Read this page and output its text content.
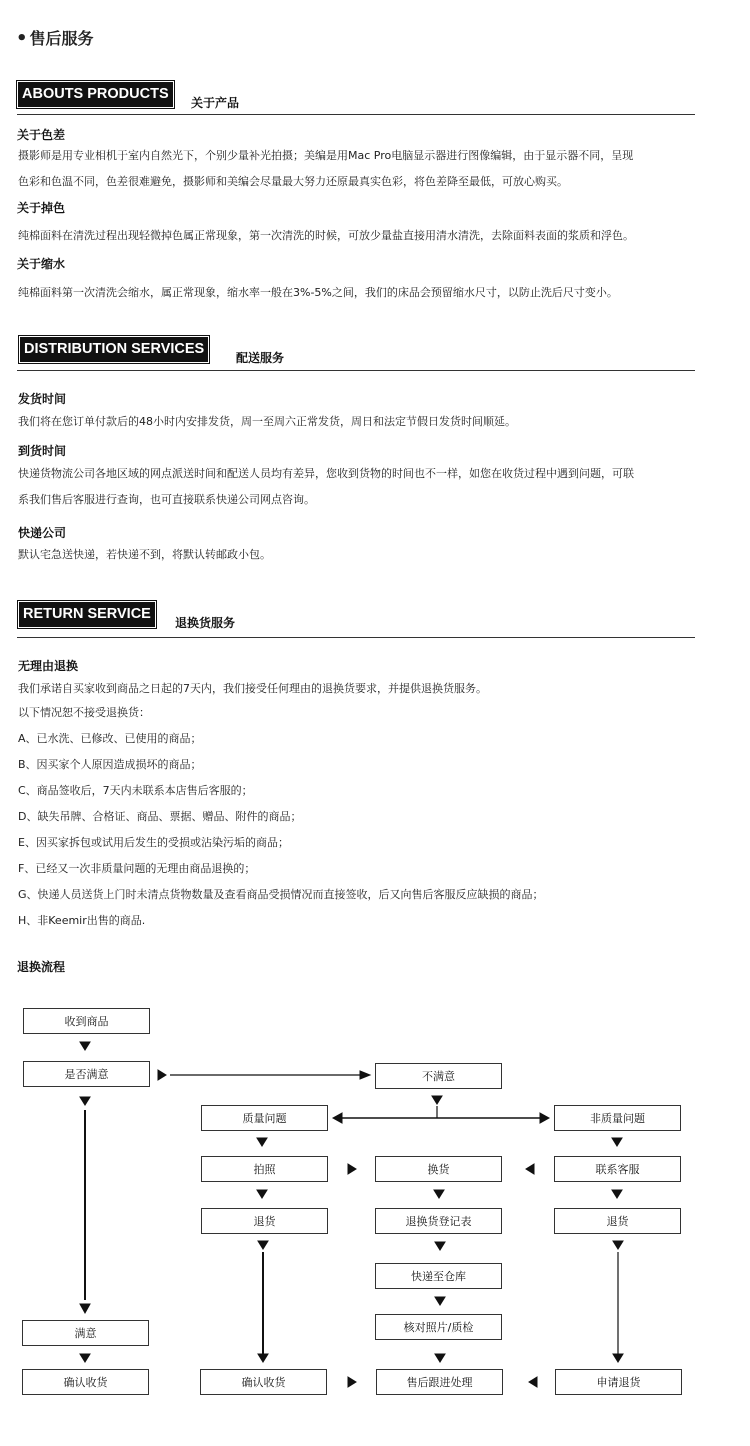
• 售后服务
ABOUTS PRODUCTS
关于产品
关于色差
摄影师是用专业相机于室内自然光下，个别少量补光拍摄；美编是用Mac Pro电脑显示器进行图像编辑，由于显示器不同，呈现
色彩和色温不同，色差很难避免，摄影师和美编会尽量最大努力还原最真实色彩，将色差降至最低，可放心购买。
关于掉色
纯棉面料在清洗过程出现轻微掉色属正常现象，第一次清洗的时候，可放少量盐直接用清水清洗，去除面料表面的浆质和浮色。
关于缩水
纯棉面料第一次清洗会缩水，属正常现象，缩水率一般在3%-5%之间，我们的床品会预留缩水尺寸，以防止洗后尺寸变小。
DISTRIBUTION SERVICES
配送服务
发货时间
我们将在您订单付款后的48小时内安排发货，周一至周六正常发货，周日和法定节假日发货时间顺延。
到货时间
快递货物流公司各地区域的网点派送时间和配送人员均有差异，您收到货物的时间也不一样，如您在收货过程中遇到问题，可联
系我们售后客服进行查询，也可直接联系快递公司网点咨询。
快递公司
默认宅急送快递，若快递不到，将默认转邮政小包。
RETURN SERVICE
退换货服务
无理由退换
我们承诺自买家收到商品之日起的7天内，我们接受任何理由的退换货要求，并提供退换货服务。
以下情况恕不接受退换货：
A、已水洗、已修改、已使用的商品；
B、因买家个人原因造成损坏的商品；
C、商品签收后，7天内未联系本店售后客服的；
D、缺失吊牌、合格证、商品、票据、赠品、附件的商品；
E、因买家拆包或试用后发生的受损或沾染污垢的商品；
F、已经又一次非质量问题的无理由商品退换的；
G、快递人员送货上门时未清点货物数量及查看商品受损情况而直接签收，后又向售后客服反应缺损的商品；
H、非Keemir出售的商品.
退换流程
收到商品
是否满意	不满意
质量问题	非质量问题
拍照	换货	联系客服
退货	退换货登记表	退货
快递至仓库
核对照片/质检
满意
确认收货	确认收货	售后跟进处理	申请退货
